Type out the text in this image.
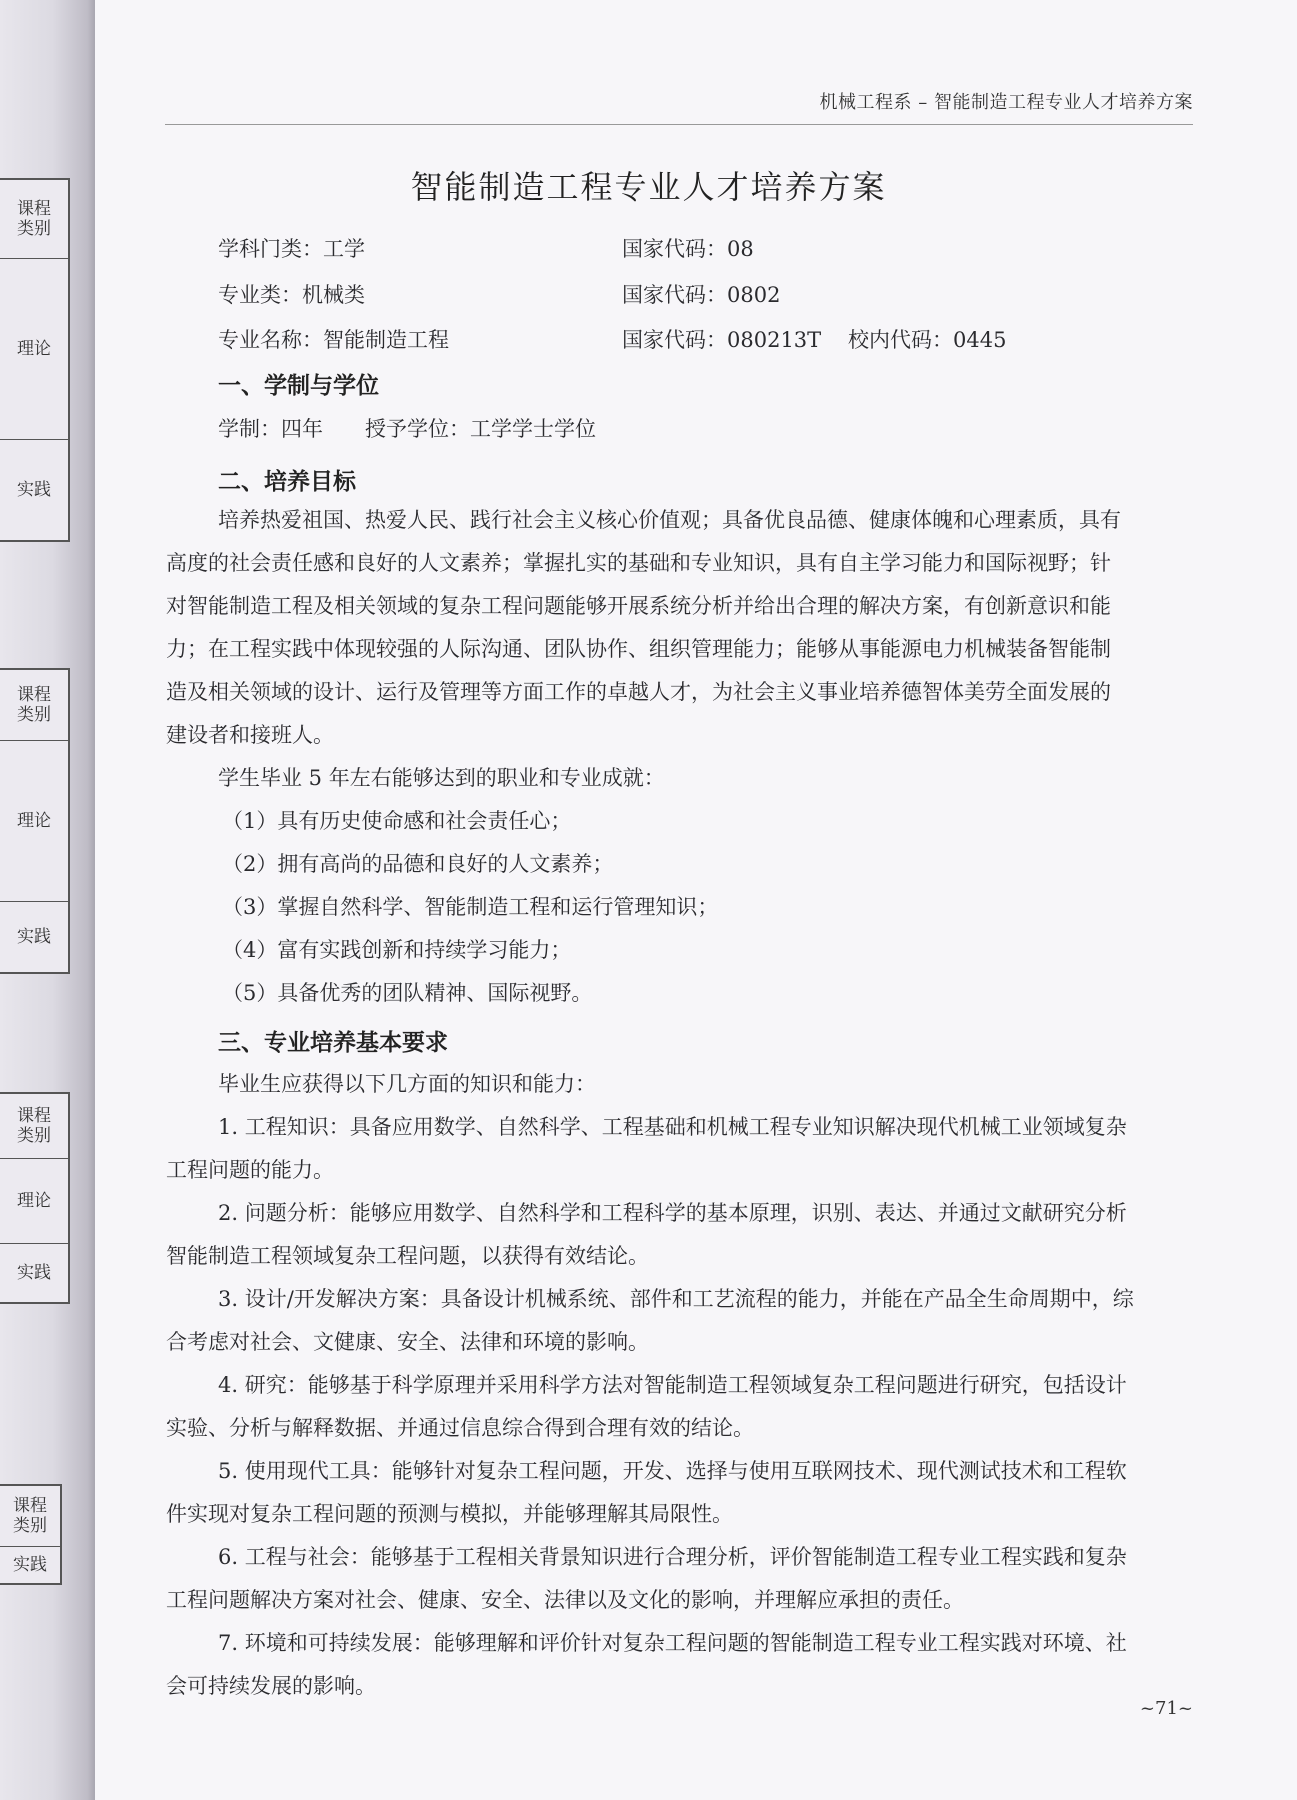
课程
类别
理论
实践
课程
类别
理论
实践
课程
类别
理论
实践
课程
类别
实践
机械工程系 – 智能制造工程专业人才培养方案
智能制造工程专业人才培养方案
学科门类：工学	国家代码：08
专业类：机械类	国家代码：0802
专业名称：智能制造工程	国家代码：080213T 校内代码：0445
一、学制与学位
学制：四年　　授予学位：工学学士学位
二、培养目标
培养热爱祖国、热爱人民、践行社会主义核心价值观；具备优良品德、健康体魄和心理素质，具有
高度的社会责任感和良好的人文素养；掌握扎实的基础和专业知识，具有自主学习能力和国际视野；针
对智能制造工程及相关领域的复杂工程问题能够开展系统分析并给出合理的解决方案，有创新意识和能
力；在工程实践中体现较强的人际沟通、团队协作、组织管理能力；能够从事能源电力机械装备智能制
造及相关领域的设计、运行及管理等方面工作的卓越人才，为社会主义事业培养德智体美劳全面发展的
建设者和接班人。
学生毕业 5 年左右能够达到的职业和专业成就：
（1）具有历史使命感和社会责任心；
（2）拥有高尚的品德和良好的人文素养；
（3）掌握自然科学、智能制造工程和运行管理知识；
（4）富有实践创新和持续学习能力；
（5）具备优秀的团队精神、国际视野。
三、专业培养基本要求
毕业生应获得以下几方面的知识和能力：
1. 工程知识：具备应用数学、自然科学、工程基础和机械工程专业知识解决现代机械工业领域复杂
工程问题的能力。
2. 问题分析：能够应用数学、自然科学和工程科学的基本原理，识别、表达、并通过文献研究分析
智能制造工程领域复杂工程问题，以获得有效结论。
3. 设计/开发解决方案：具备设计机械系统、部件和工艺流程的能力，并能在产品全生命周期中，综
合考虑对社会、文健康、安全、法律和环境的影响。
4. 研究：能够基于科学原理并采用科学方法对智能制造工程领域复杂工程问题进行研究，包括设计
实验、分析与解释数据、并通过信息综合得到合理有效的结论。
5. 使用现代工具：能够针对复杂工程问题，开发、选择与使用互联网技术、现代测试技术和工程软
件实现对复杂工程问题的预测与模拟，并能够理解其局限性。
6. 工程与社会：能够基于工程相关背景知识进行合理分析，评价智能制造工程专业工程实践和复杂
工程问题解决方案对社会、健康、安全、法律以及文化的影响，并理解应承担的责任。
7. 环境和可持续发展：能够理解和评价针对复杂工程问题的智能制造工程专业工程实践对环境、社
会可持续发展的影响。
~71~
